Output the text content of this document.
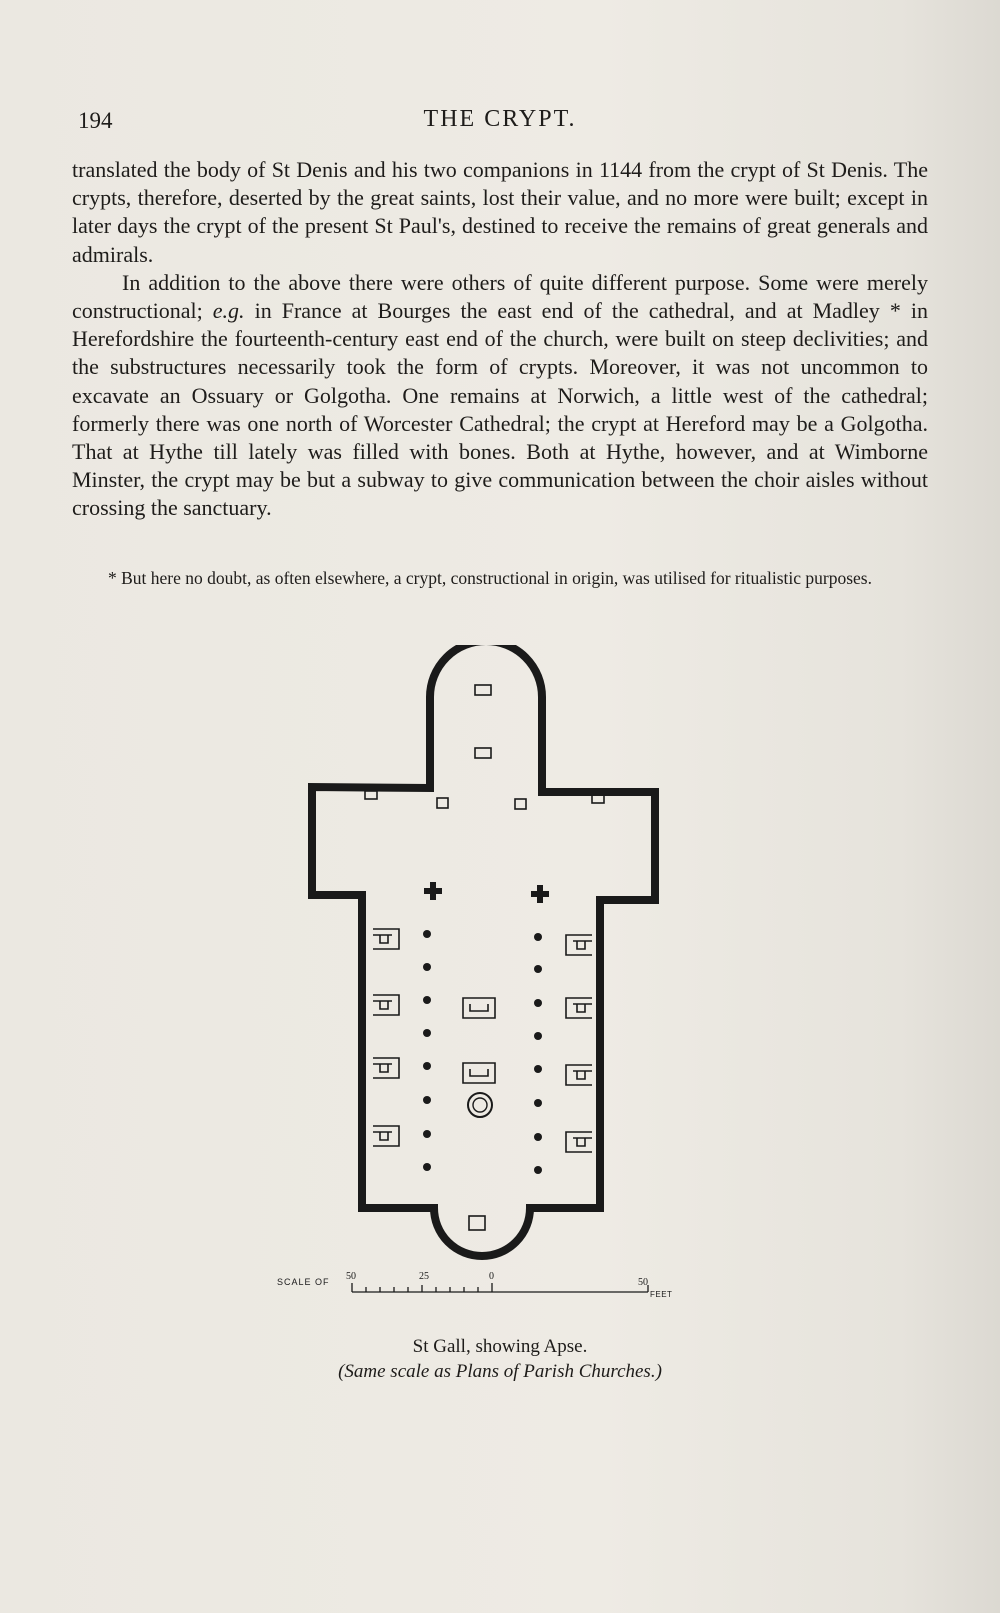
194	THE CRYPT.

translated the body of St Denis and his two companions in 1144 from the crypt of St Denis. The crypts, therefore, deserted by the great saints, lost their value, and no more were built; except in later days the crypt of the present St Paul's, destined to receive the remains of great generals and admirals.

In addition to the above there were others of quite different purpose. Some were merely constructional; e.g. in France at Bourges the east end of the cathedral, and at Madley * in Herefordshire the fourteenth-century east end of the church, were built on steep declivities; and the substructures necessarily took the form of crypts. Moreover, it was not uncommon to excavate an Ossuary or Golgotha. One remains at Norwich, a little west of the cathedral; formerly there was one north of Worcester Cathedral; the crypt at Hereford may be a Golgotha. That at Hythe till lately was filled with bones. Both at Hythe, however, and at Wimborne Minster, the crypt may be but a subway to give communication between the choir aisles without crossing the sanctuary.

* But here no doubt, as often elsewhere, a crypt, constructional in origin, was utilised for ritualistic purposes.
SCALE OF 50	25	0
50
FEET
St Gall, showing Apse.
(Same scale as Plans of Parish Churches.)
